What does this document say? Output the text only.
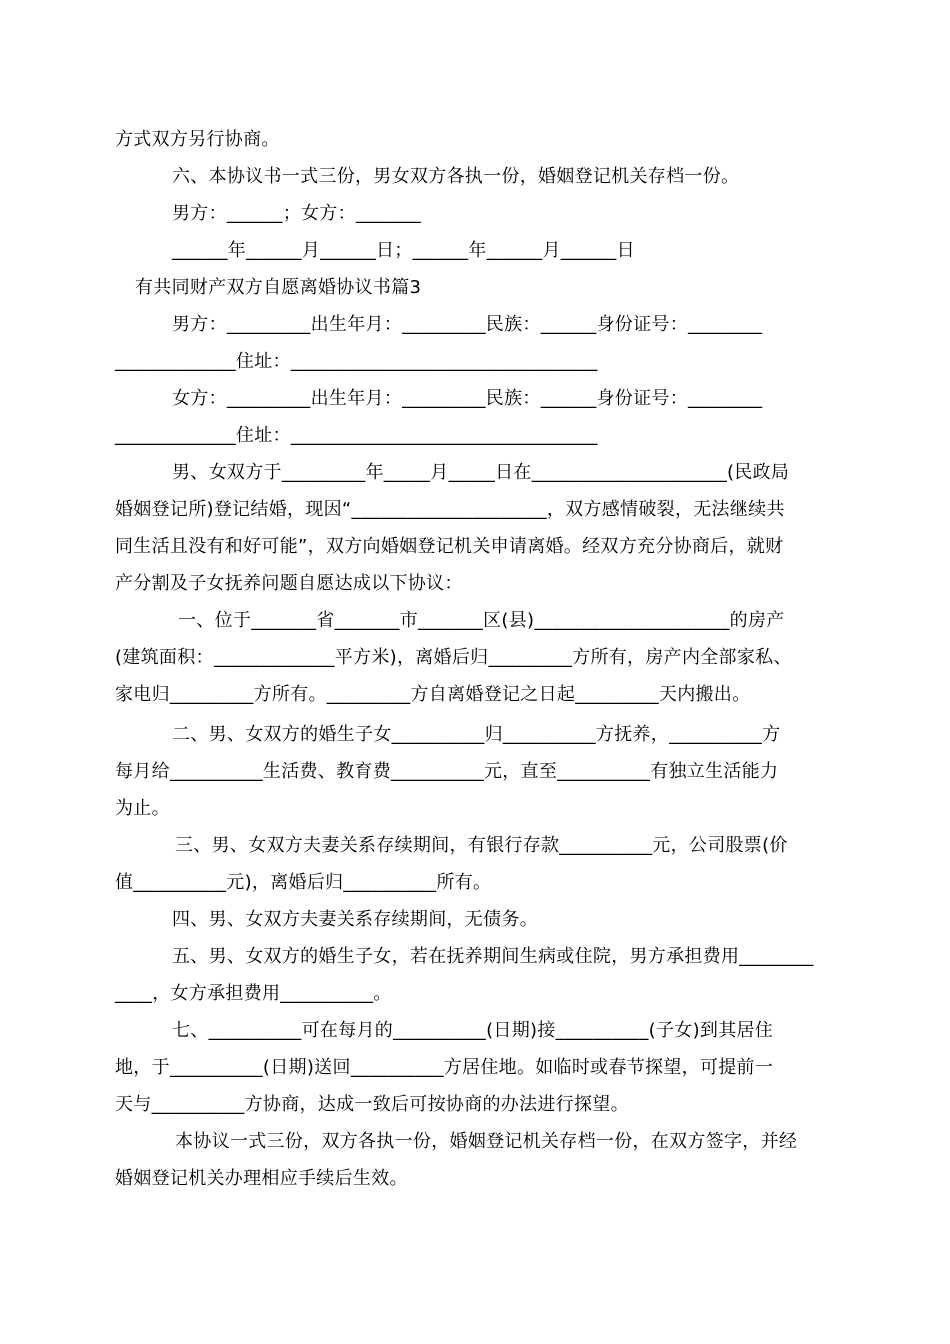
方式双方另行协商。
六、本协议书一式三份，男女双方各执一份，婚姻登记机关存档一份。
男方：______；女方：_______
______年______月______日；______年______月______日
有共同财产双方自愿离婚协议书篇3
男方：_________出生年月：_________民族：______身份证号：________
_____________住址：_________________________________
女方：_________出生年月：_________民族：______身份证号：________
_____________住址：_________________________________
男、女双方于_________年_____月_____日在_____________________(民政局
婚姻登记所)登记结婚，现因“_____________________，双方感情破裂，无法继续共
同生活且没有和好可能”，双方向婚姻登记机关申请离婚。经双方充分协商后，就财
产分割及子女抚养问题自愿达成以下协议：
一、位于_______省_______市_______区(县)_____________________的房产
(建筑面积：_____________平方米)，离婚后归_________方所有，房产内全部家私、
家电归_________方所有。_________方自离婚登记之日起_________天内搬出。
二、男、女双方的婚生子女__________归__________方抚养，__________方
每月给__________生活费、教育费__________元，直至__________有独立生活能力
为止。
三、男、女双方夫妻关系存续期间，有银行存款__________元，公司股票(价
值__________元)，离婚后归__________所有。
四、男、女双方夫妻关系存续期间，无债务。
五、男、女双方的婚生子女，若在抚养期间生病或住院，男方承担费用________
____，女方承担费用__________。
七、__________可在每月的__________(日期)接__________(子女)到其居住
地，于__________(日期)送回__________方居住地。如临时或春节探望，可提前一
天与__________方协商，达成一致后可按协商的办法进行探望。
本协议一式三份，双方各执一份，婚姻登记机关存档一份，在双方签字，并经
婚姻登记机关办理相应手续后生效。
